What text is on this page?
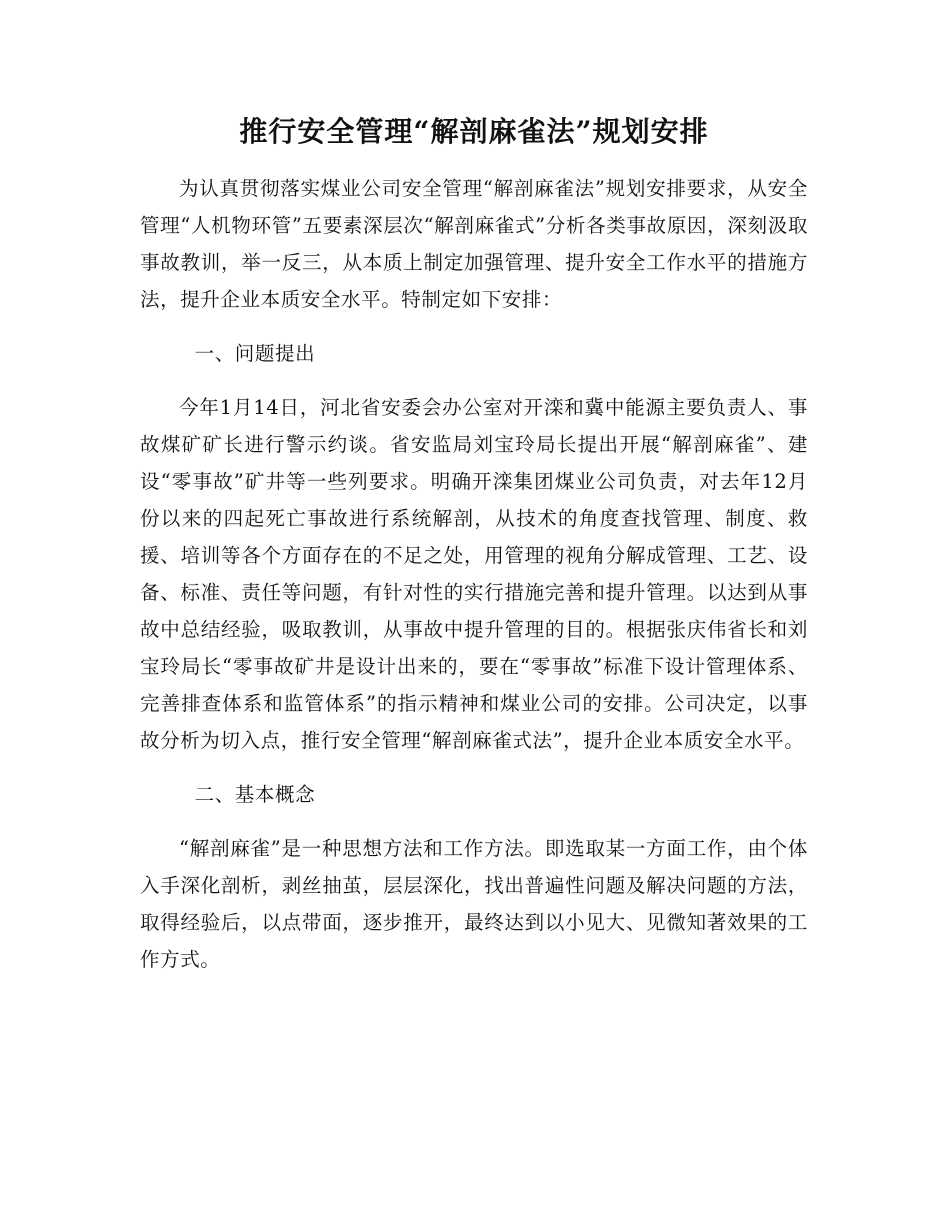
推行安全管理“解剖麻雀法”规划安排

为认真贯彻落实煤业公司安全管理“解剖麻雀法”规划安排要求，从安全管理“人机物环管”五要素深层次“解剖麻雀式”分析各类事故原因，深刻汲取事故教训，举一反三，从本质上制定加强管理、提升安全工作水平的措施方法，提升企业本质安全水平。特制定如下安排：

一、问题提出

今年1月14日，河北省安委会办公室对开滦和冀中能源主要负责人、事故煤矿矿长进行警示约谈。省安监局刘宝玲局长提出开展“解剖麻雀”、建设“零事故”矿井等一些列要求。明确开滦集团煤业公司负责，对去年12月份以来的四起死亡事故进行系统解剖，从技术的角度查找管理、制度、救援、培训等各个方面存在的不足之处，用管理的视角分解成管理、工艺、设备、标准、责任等问题，有针对性的实行措施完善和提升管理。以达到从事故中总结经验，吸取教训，从事故中提升管理的目的。根据张庆伟省长和刘宝玲局长“零事故矿井是设计出来的，要在“零事故”标准下设计管理体系、完善排查体系和监管体系”的指示精神和煤业公司的安排。公司决定，以事故分析为切入点，推行安全管理“解剖麻雀式法”，提升企业本质安全水平。

二、基本概念

“解剖麻雀”是一种思想方法和工作方法。即选取某一方面工作，由个体入手深化剖析，剥丝抽茧，层层深化，找出普遍性问题及解决问题的方法，取得经验后，以点带面，逐步推开，最终达到以小见大、见微知著效果的工作方式。
